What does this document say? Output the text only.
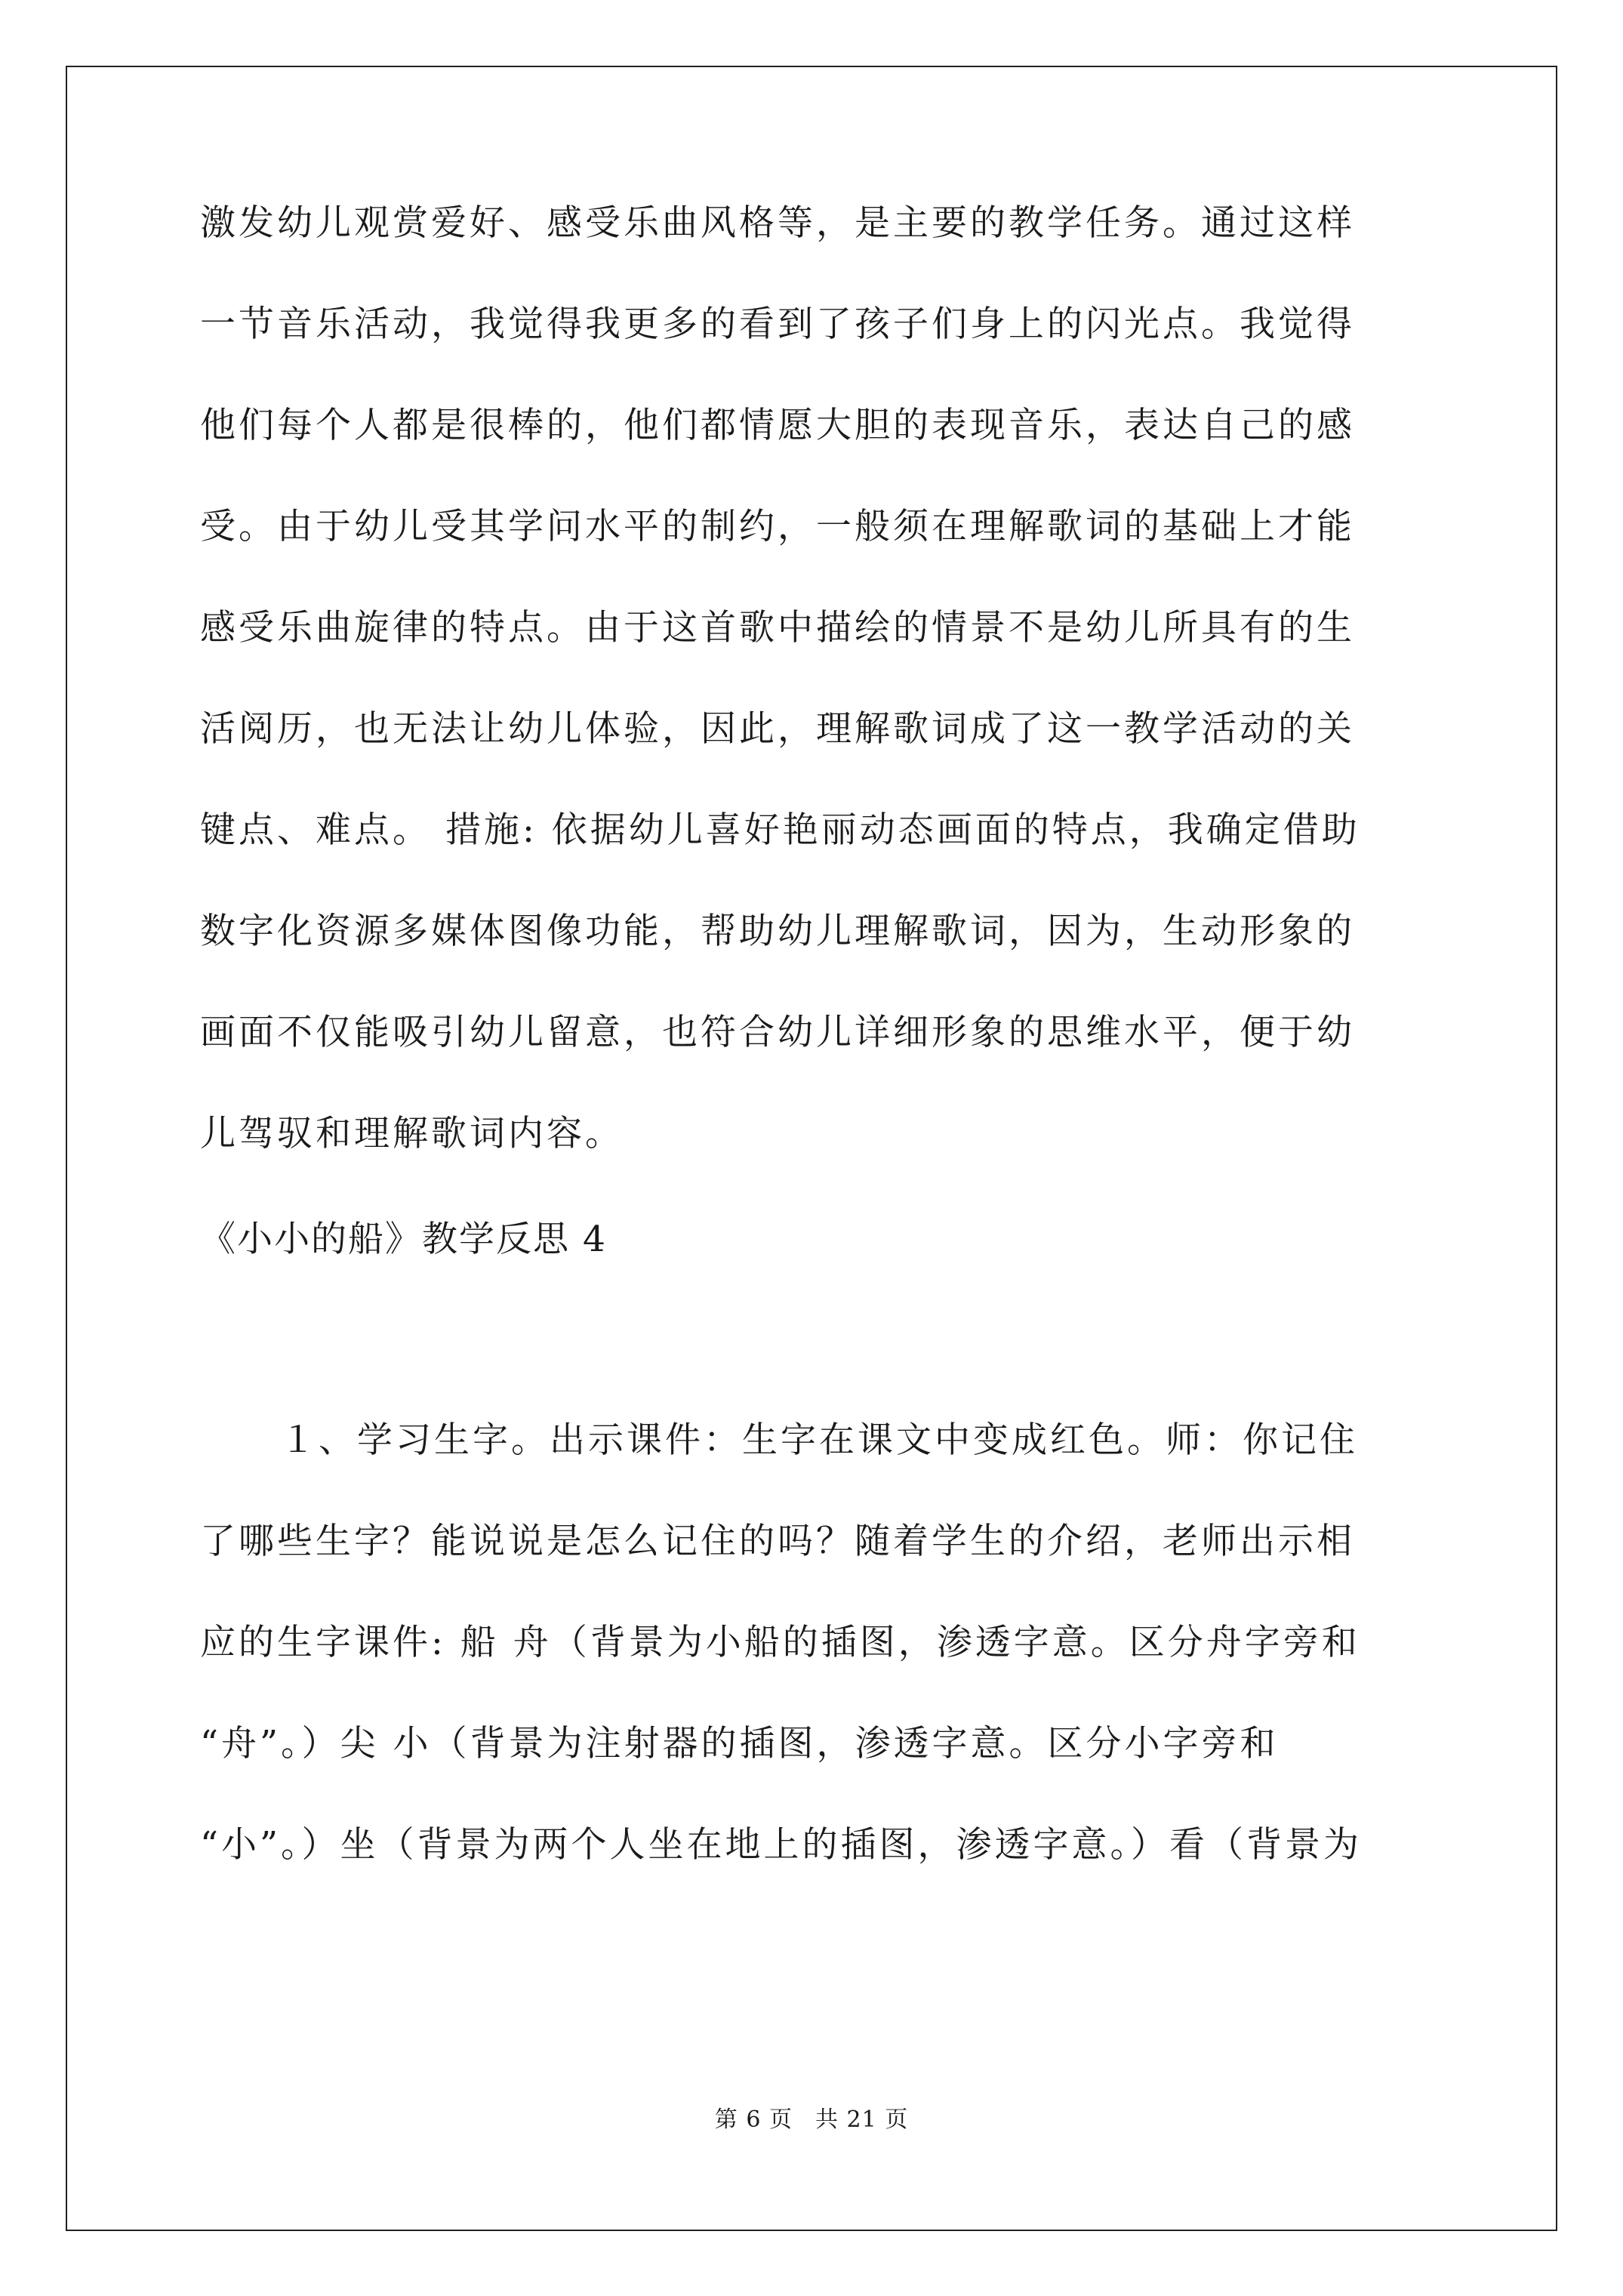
激发幼儿观赏爱好、感受乐曲风格等，是主要的教学任务。通过这样
一节音乐活动，我觉得我更多的看到了孩子们身上的闪光点。我觉得
他们每个人都是很棒的，他们都情愿大胆的表现音乐，表达自己的感
受。由于幼儿受其学问水平的制约，一般须在理解歌词的基础上才能
感受乐曲旋律的特点。由于这首歌中描绘的情景不是幼儿所具有的生
活阅历，也无法让幼儿体验，因此，理解歌词成了这一教学活动的关
键点、难点。 措施: 依据幼儿喜好艳丽动态画面的特点，我确定借助
数字化资源多媒体图像功能，帮助幼儿理解歌词，因为，生动形象的
画面不仅能吸引幼儿留意，也符合幼儿详细形象的思维水平，便于幼
儿驾驭和理解歌词内容。
《小小的船》教学反思 4
１、学习生字。出示课件：生字在课文中变成红色。师：你记住
了哪些生字？能说说是怎么记住的吗？随着学生的介绍，老师出示相
应的生字课件: 船 舟（背景为小船的插图，渗透字意。区分舟字旁和
“舟”。）尖 小（背景为注射器的插图，渗透字意。区分小字旁和
“小”。）坐（背景为两个人坐在地上的插图，渗透字意。）看（背景为
第 6 页 共 21 页
